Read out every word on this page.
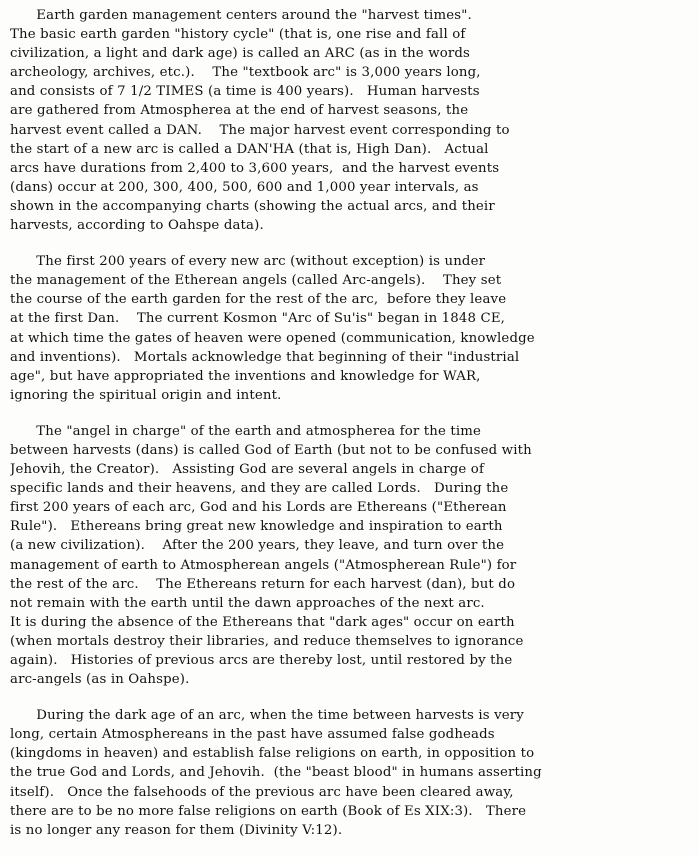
Earth garden management centers around the "harvest times".
The basic earth garden "history cycle" (that is, one rise and fall of
civilization, a light and dark age) is called an ARC (as in the words
archeology, archives, etc.).    The "textbook arc" is 3,000 years long,
and consists of 7 1/2 TIMES (a time is 400 years).   Human harvests
are gathered from Atmospherea at the end of harvest seasons, the
harvest event called a DAN.    The major harvest event corresponding to
the start of a new arc is called a DAN'HA (that is, High Dan).   Actual
arcs have durations from 2,400 to 3,600 years,  and the harvest events
(dans) occur at 200, 300, 400, 500, 600 and 1,000 year intervals, as
shown in the accompanying charts (showing the actual arcs, and their
harvests, according to Oahspe data).
The first 200 years of every new arc (without exception) is under
the management of the Etherean angels (called Arc-angels).    They set
the course of the earth garden for the rest of the arc,  before they leave
at the first Dan.    The current Kosmon "Arc of Su'is" began in 1848 CE,
at which time the gates of heaven were opened (communication, knowledge
and inventions).   Mortals acknowledge that beginning of their "industrial
age", but have appropriated the inventions and knowledge for WAR,
ignoring the spiritual origin and intent.
The "angel in charge" of the earth and atmospherea for the time
between harvests (dans) is called God of Earth (but not to be confused with
Jehovih, the Creator).   Assisting God are several angels in charge of
specific lands and their heavens, and they are called Lords.   During the
first 200 years of each arc, God and his Lords are Ethereans ("Etherean
Rule").   Ethereans bring great new knowledge and inspiration to earth
(a new civilization).    After the 200 years, they leave, and turn over the
management of earth to Atmospherean angels ("Atmospherean Rule") for
the rest of the arc.    The Ethereans return for each harvest (dan), but do
not remain with the earth until the dawn approaches of the next arc.
It is during the absence of the Ethereans that "dark ages" occur on earth
(when mortals destroy their libraries, and reduce themselves to ignorance
again).   Histories of previous arcs are thereby lost, until restored by the
arc-angels (as in Oahspe).
During the dark age of an arc, when the time between harvests is very
long, certain Atmosphereans in the past have assumed false godheads
(kingdoms in heaven) and establish false religions on earth, in opposition to
the true God and Lords, and Jehovih.  (the "beast blood" in humans asserting
itself).   Once the falsehoods of the previous arc have been cleared away,
there are to be no more false religions on earth (Book of Es XIX:3).   There
is no longer any reason for them (Divinity V:12).
